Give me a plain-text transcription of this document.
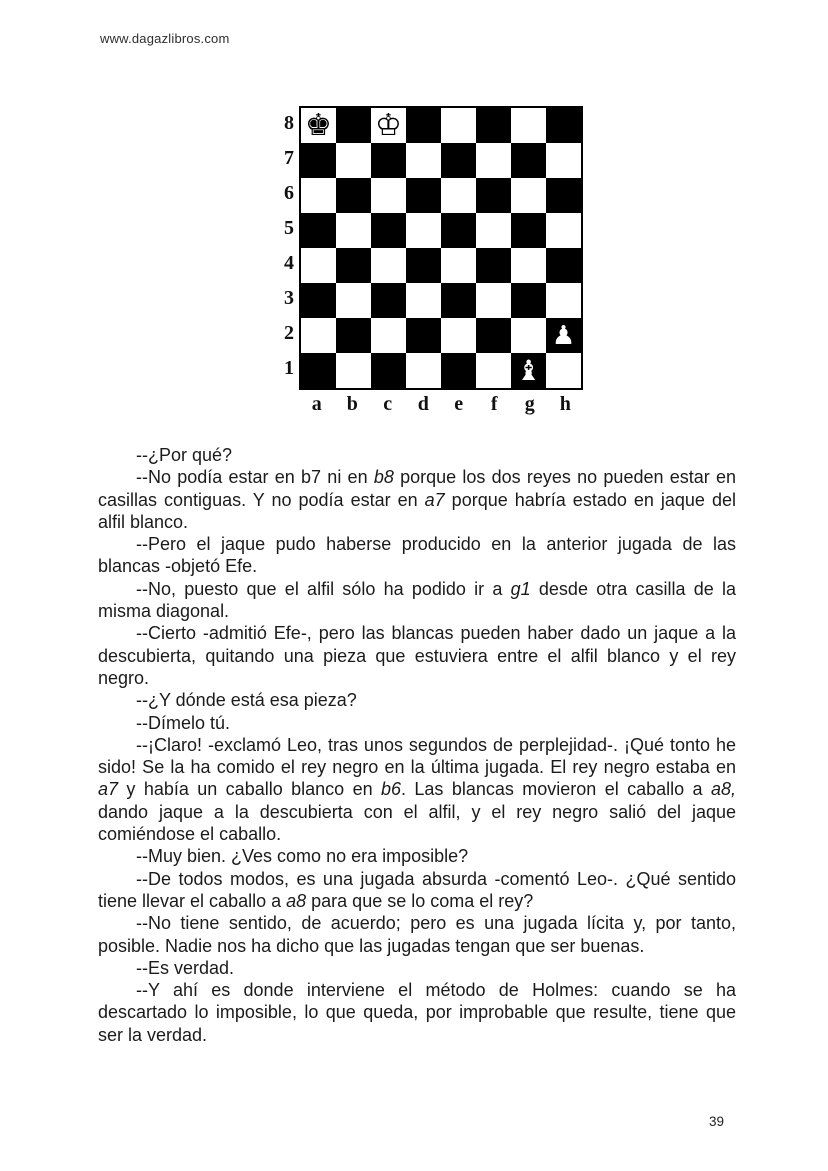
www.dagazlibros.com
8
7
6
5
4
3
2
1
♚ ♔
♟
♝
a	b	c	d	e	f	g	h

--¿Por qué?

--No podía estar en b7 ni en b8 porque los dos reyes no pueden estar en casillas contiguas. Y no podía estar en a7 porque habría estado en jaque del alfil blanco.

--Pero el jaque pudo haberse producido en la anterior jugada de las blancas -objetó Efe.

--No, puesto que el alfil sólo ha podido ir a g1 desde otra casilla de la misma diagonal.

--Cierto -admitió Efe-, pero las blancas pueden haber dado un jaque a la descubierta, quitando una pieza que estuviera entre el alfil blanco y el rey negro.

--¿Y dónde está esa pieza?

--Dímelo tú.

--¡Claro! -exclamó Leo, tras unos segundos de perplejidad-. ¡Qué tonto he sido! Se la ha comido el rey negro en la última jugada. El rey negro estaba en a7 y había un caballo blanco en b6. Las blancas movieron el caballo a a8, dando jaque a la descubierta con el alfil, y el rey negro salió del jaque comiéndose el caballo.

--Muy bien. ¿Ves como no era imposible?

--De todos modos, es una jugada absurda -comentó Leo-. ¿Qué sentido tiene llevar el caballo a a8 para que se lo coma el rey?

--No tiene sentido, de acuerdo; pero es una jugada lícita y, por tanto, posible. Nadie nos ha dicho que las jugadas tengan que ser buenas.

--Es verdad.

--Y ahí es donde interviene el método de Holmes: cuando se ha descartado lo imposible, lo que queda, por improbable que resulte, tiene que ser la verdad.

39
